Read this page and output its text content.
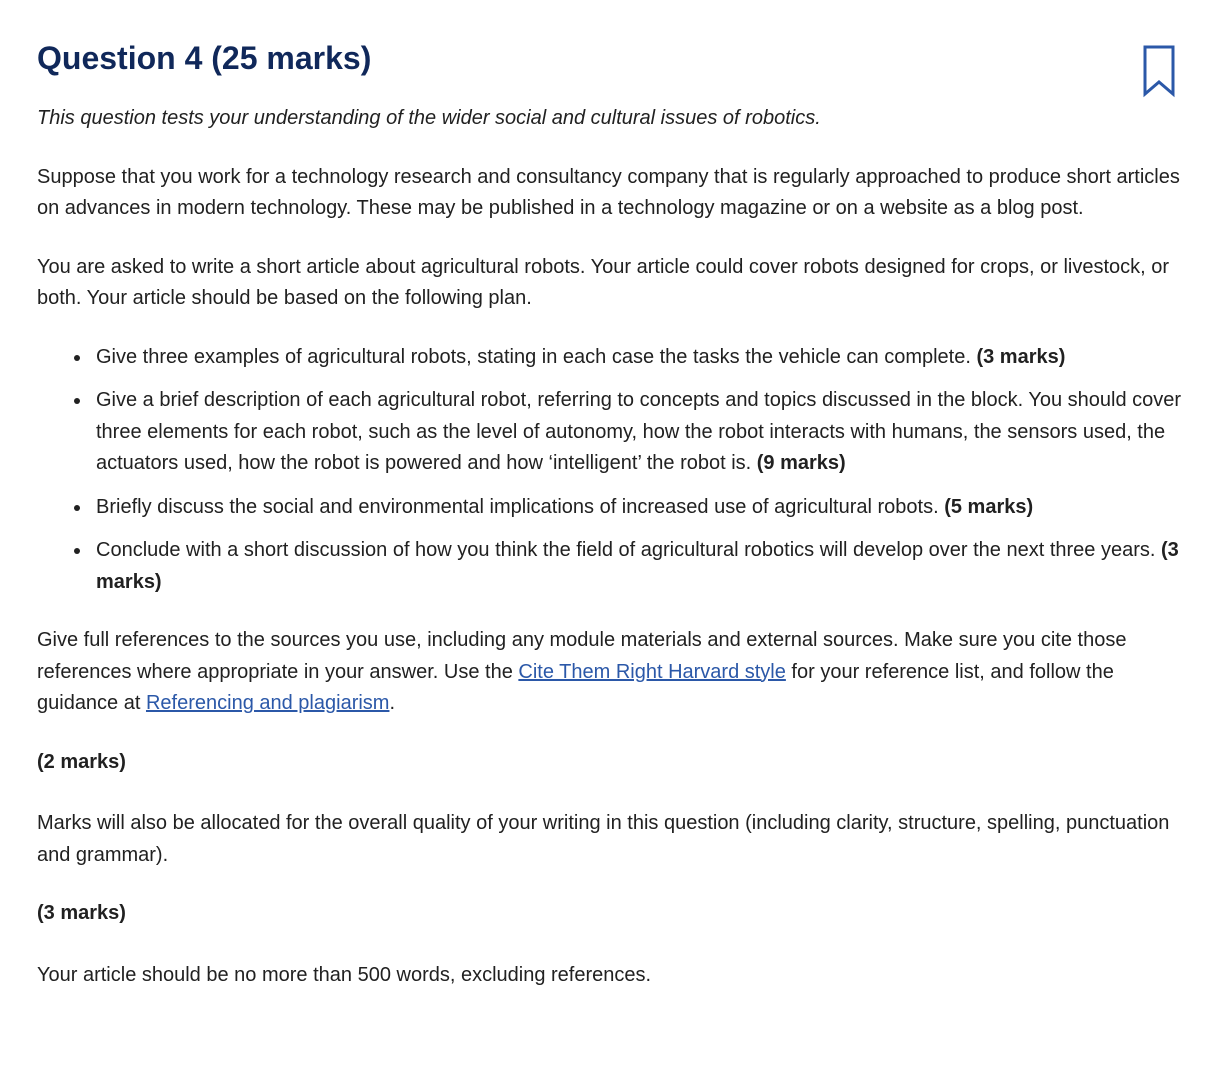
Question 4 (25 marks)

This question tests your understanding of the wider social and cultural issues of robotics.

Suppose that you work for a technology research and consultancy company that is regularly approached to produce short articles on advances in modern technology. These may be published in a technology magazine or on a website as a blog post.

You are asked to write a short article about agricultural robots. Your article could cover robots designed for crops, or livestock, or both. Your article should be based on the following plan.

Give three examples of agricultural robots, stating in each case the tasks the vehicle can complete. (3 marks)
Give a brief description of each agricultural robot, referring to concepts and topics discussed in the block. You should cover three elements for each robot, such as the level of autonomy, how the robot interacts with humans, the sensors used, the actuators used, how the robot is powered and how ‘intelligent’ the robot is. (9 marks)
Briefly discuss the social and environmental implications of increased use of agricultural robots. (5 marks)
Conclude with a short discussion of how you think the field of agricultural robotics will develop over the next three years. (3 marks)

Give full references to the sources you use, including any module materials and external sources. Make sure you cite those references where appropriate in your answer. Use the Cite Them Right Harvard style for your reference list, and follow the guidance at Referencing and plagiarism.

(2 marks)

Marks will also be allocated for the overall quality of your writing in this question (including clarity, structure, spelling, punctuation and grammar).

(3 marks)

Your article should be no more than 500 words, excluding references.
